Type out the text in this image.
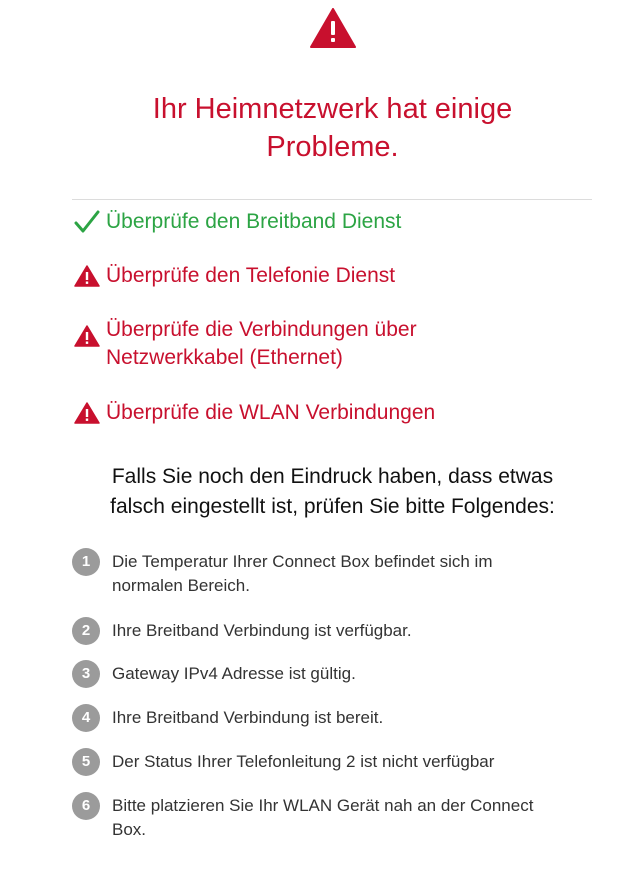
Ihr Heimnetzwerk hat einige
Probleme.
Überprüfe den Breitband Dienst
Überprüfe den Telefonie Dienst
Überprüfe die Verbindungen über
Netzwerkkabel (Ethernet)
Überprüfe die WLAN Verbindungen
Falls Sie noch den Eindruck haben, dass etwas
falsch eingestellt ist, prüfen Sie bitte Folgendes:
1	Die Temperatur Ihrer Connect Box befindet sich im
normalen Bereich.
2	Ihre Breitband Verbindung ist verfügbar.
3	Gateway IPv4 Adresse ist gültig.
4	Ihre Breitband Verbindung ist bereit.
5	Der Status Ihrer Telefonleitung 2 ist nicht verfügbar
6	Bitte platzieren Sie Ihr WLAN Gerät nah an der Connect
Box.
